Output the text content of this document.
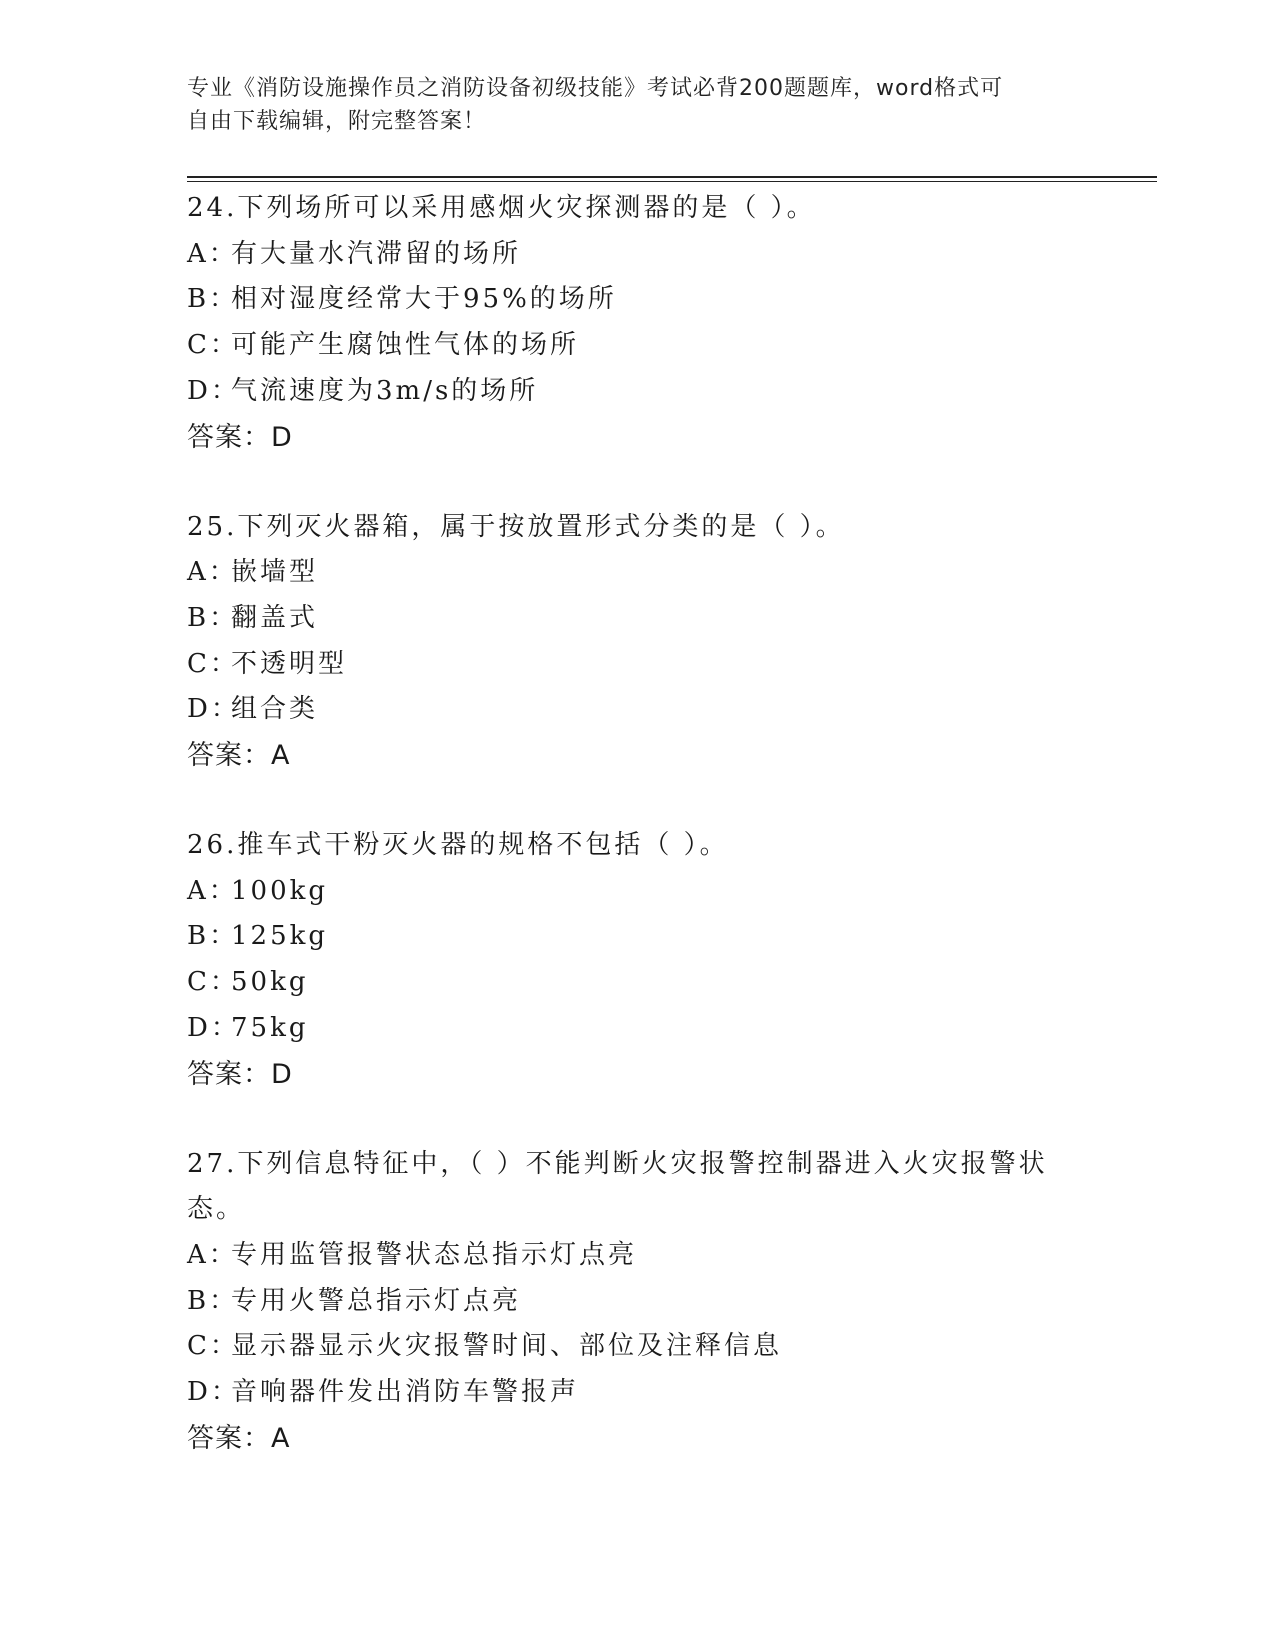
专业《消防设施操作员之消防设备初级技能》考试必背200题题库，word格式可
自由下载编辑，附完整答案！
24.下列场所可以采用感烟火灾探测器的是（ ）。
A：有大量水汽滞留的场所
B：相对湿度经常大于95%的场所
C：可能产生腐蚀性气体的场所
D：气流速度为3m/s的场所
答案：D
25.下列灭火器箱，属于按放置形式分类的是（ ）。
A：嵌墙型
B：翻盖式
C：不透明型
D：组合类
答案：A
26.推车式干粉灭火器的规格不包括（ ）。
A：100kg
B：125kg
C：50kg
D：75kg
答案：D
27.下列信息特征中，（ ）不能判断火灾报警控制器进入火灾报警状态。
A：专用监管报警状态总指示灯点亮
B：专用火警总指示灯点亮
C：显示器显示火灾报警时间、部位及注释信息
D：音响器件发出消防车警报声
答案：A
